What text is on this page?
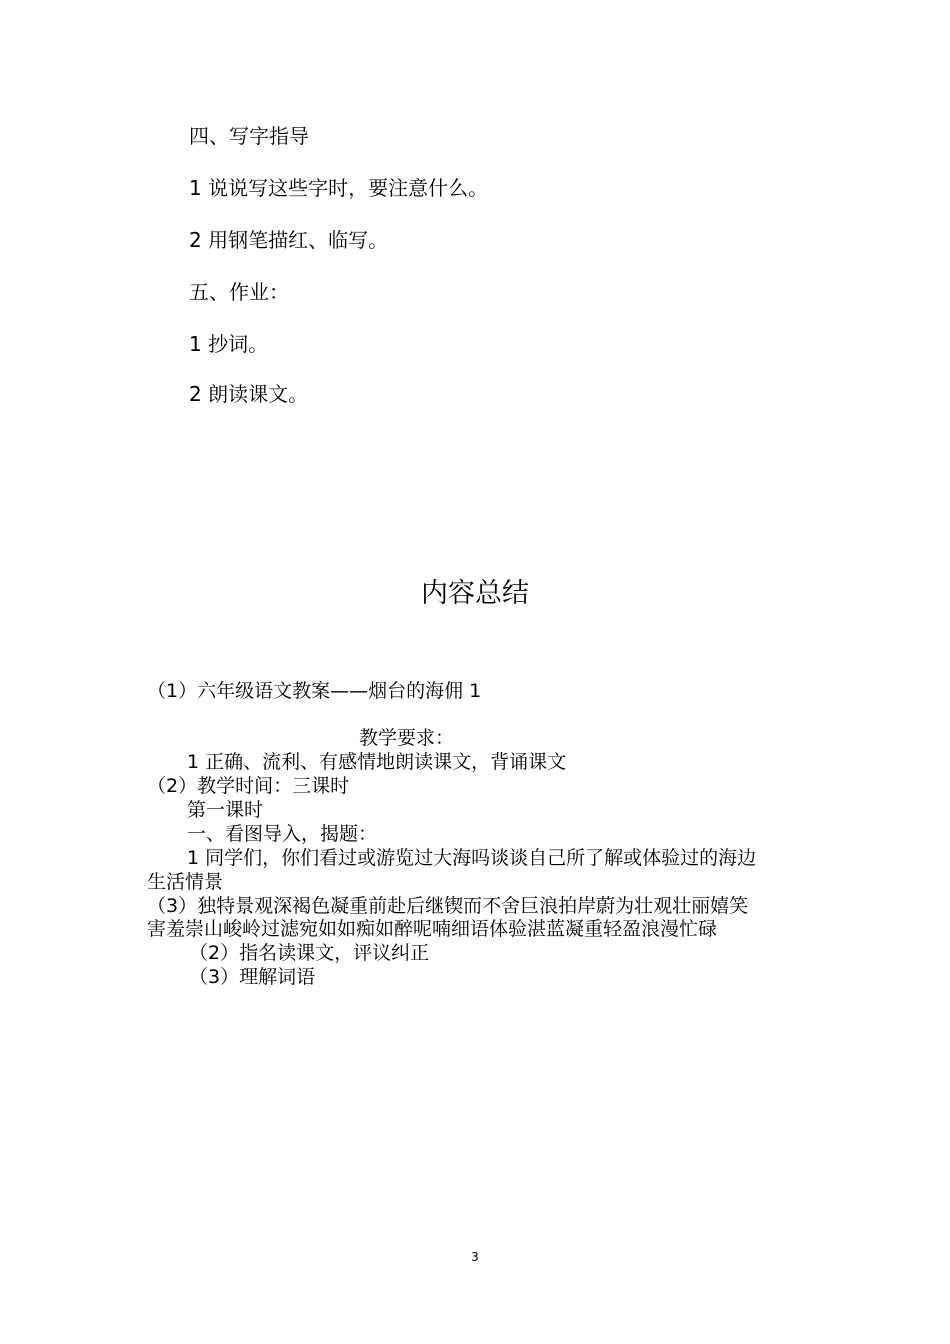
四、写字指导
1 说说写这些字时，要注意什么。
2 用钢笔描红、临写。
五、作业：
1 抄词。
2 朗读课文。
内容总结
（1）六年级语文教案——烟台的海佣 1
教学要求：
1 正确、流利、有感情地朗读课文，背诵课文
（2）教学时间：三课时
第一课时
一、看图导入，揭题：
1 同学们，你们看过或游览过大海吗谈谈自己所了解或体验过的海边
生活情景
（3）独特景观深褐色凝重前赴后继锲而不舍巨浪拍岸蔚为壮观壮丽嬉笑
害羞崇山峻岭过滤宛如如痴如醉呢喃细语体验湛蓝凝重轻盈浪漫忙碌
（2）指名读课文，评议纠正
（3）理解词语
3
